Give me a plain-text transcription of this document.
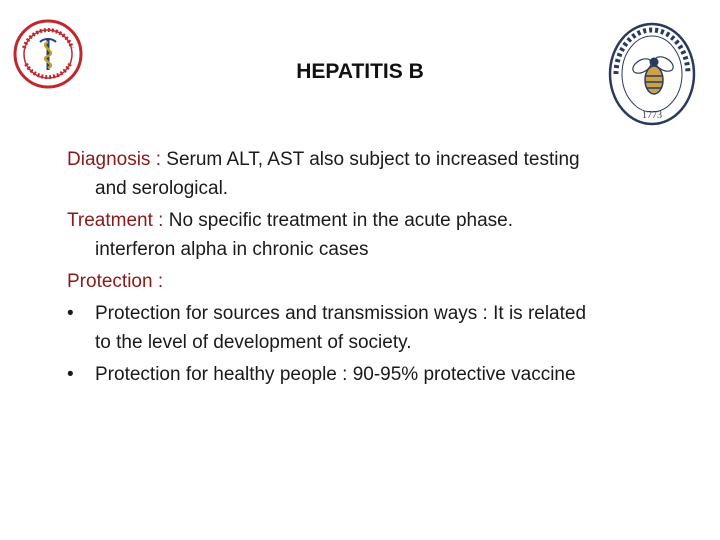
1773
HEPATITIS B
Diagnosis : Serum ALT, AST also subject to increased testing
and serological.
Treatment : No specific treatment in the acute phase.
interferon alpha in chronic cases
Protection :
•	Protection for sources and transmission ways : It is related
to the level of development of society.
•	Protection for healthy people : 90-95% protective vaccine
